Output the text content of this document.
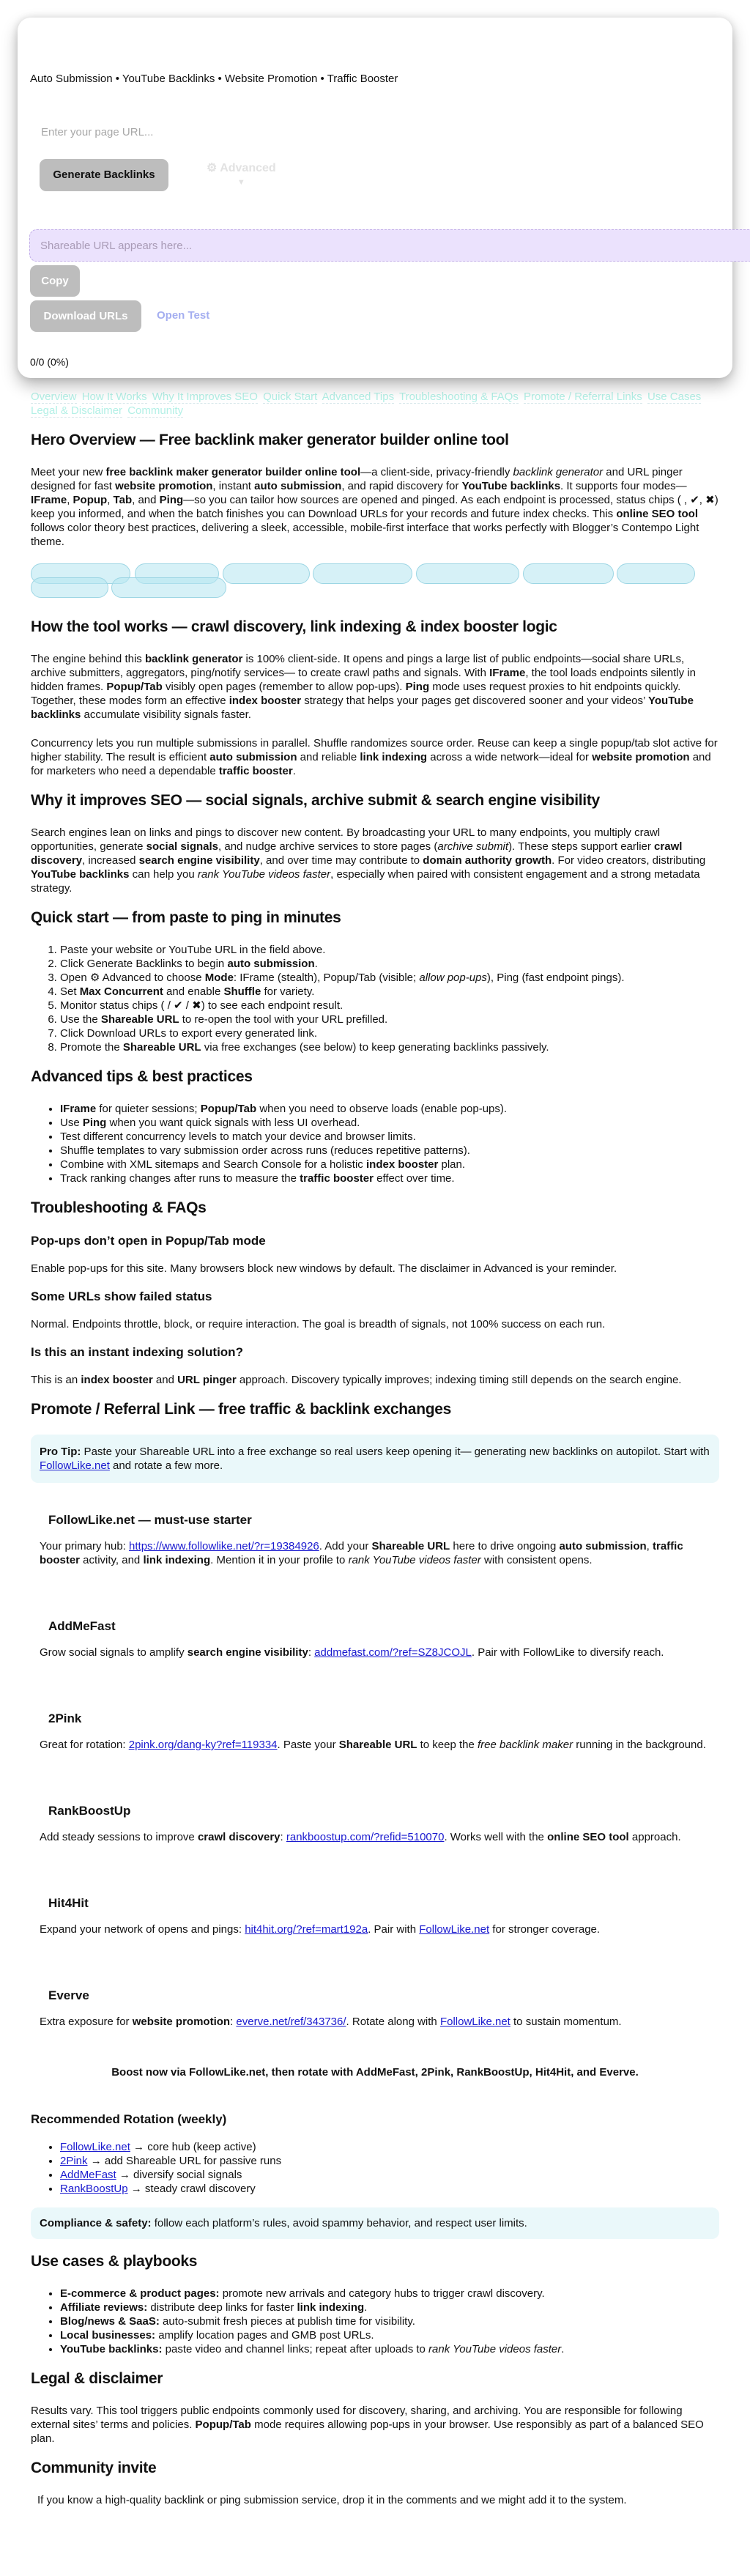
Auto Submission • YouTube Backlinks • Website Promotion • Traffic Booster
Enter your page URL...
Generate Backlinks
⚙ Advanced
▼
Shareable URL appears here...
Copy
Download URLs	Open Test
0/0 (0%)
Overview How It Works Why It Improves SEO Quick Start Advanced Tips Troubleshooting & FAQs Promote / Referral Links Use Cases Legal & Disclaimer Community
Hero Overview — Free backlink maker generator builder online tool

Meet your new free backlink maker generator builder online tool—a client-side, privacy-friendly backlink generator and URL pinger designed for fast website promotion, instant auto submission, and rapid discovery for YouTube backlinks. It supports four modes—IFrame, Popup, Tab, and Ping—so you can tailor how sources are opened and pinged. As each endpoint is processed, status chips ( , ✔, ✖) keep you informed, and when the batch finishes you can Download URLs for your records and future index checks. This online SEO tool follows color theory best practices, delivering a sleek, accessible, mobile-first interface that works perfectly with Blogger’s Contempo Light theme.

How the tool works — crawl discovery, link indexing & index booster logic

The engine behind this backlink generator is 100% client-side. It opens and pings a large list of public endpoints—social share URLs, archive submitters, aggregators, ping/notify services— to create crawl paths and signals. With IFrame, the tool loads endpoints silently in hidden frames. Popup/Tab visibly open pages (remember to allow pop-ups). Ping mode uses request proxies to hit endpoints quickly. Together, these modes form an effective index booster strategy that helps your pages get discovered sooner and your videos’ YouTube backlinks accumulate visibility signals faster.

Concurrency lets you run multiple submissions in parallel. Shuffle randomizes source order. Reuse can keep a single popup/tab slot active for higher stability. The result is efficient auto submission and reliable link indexing across a wide network—ideal for website promotion and for marketers who need a dependable traffic booster.

Why it improves SEO — social signals, archive submit & search engine visibility

Search engines lean on links and pings to discover new content. By broadcasting your URL to many endpoints, you multiply crawl opportunities, generate social signals, and nudge archive services to store pages (archive submit). These steps support earlier crawl discovery, increased search engine visibility, and over time may contribute to domain authority growth. For video creators, distributing YouTube backlinks can help you rank YouTube videos faster, especially when paired with consistent engagement and a strong metadata strategy.

Quick start — from paste to ping in minutes
1. Paste your website or YouTube URL in the field above.
2. Click Generate Backlinks to begin auto submission.
3. Open ⚙ Advanced to choose Mode: IFrame (stealth), Popup/Tab (visible; allow pop-ups), Ping (fast endpoint pings).
4. Set Max Concurrent and enable Shuffle for variety.
5. Monitor status chips ( / ✔ / ✖) to see each endpoint result.
6. Use the Shareable URL to re-open the tool with your URL prefilled.
7. Click Download URLs to export every generated link.
8. Promote the Shareable URL via free exchanges (see below) to keep generating backlinks passively.
Advanced tips & best practices
• IFrame for quieter sessions; Popup/Tab when you need to observe loads (enable pop-ups).
• Use Ping when you want quick signals with less UI overhead.
• Test different concurrency levels to match your device and browser limits.
• Shuffle templates to vary submission order across runs (reduces repetitive patterns).
• Combine with XML sitemaps and Search Console for a holistic index booster plan.
• Track ranking changes after runs to measure the traffic booster effect over time.
Troubleshooting & FAQs
Pop-ups don’t open in Popup/Tab mode

Enable pop-ups for this site. Many browsers block new windows by default. The disclaimer in Advanced is your reminder.

Some URLs show failed status

Normal. Endpoints throttle, block, or require interaction. The goal is breadth of signals, not 100% success on each run.

Is this an instant indexing solution?

This is an index booster and URL pinger approach. Discovery typically improves; indexing timing still depends on the search engine.

Promote / Referral Link — free traffic & backlink exchanges
Pro Tip: Paste your Shareable URL into a free exchange so real users keep opening it— generating new backlinks on autopilot. Start with FollowLike.net and rotate a few more.
FollowLike.net — must-use starter

Your primary hub: https://www.followlike.net/?r=19384926. Add your Shareable URL here to drive ongoing auto submission, traffic booster activity, and link indexing. Mention it in your profile to rank YouTube videos faster with consistent opens.

AddMeFast

Grow social signals to amplify search engine visibility: addmefast.com/?ref=SZ8JCOJL. Pair with FollowLike to diversify reach.

2Pink

Great for rotation: 2pink.org/dang-ky?ref=119334. Paste your Shareable URL to keep the free backlink maker running in the background.

RankBoostUp

Add steady sessions to improve crawl discovery: rankboostup.com/?refid=510070. Works well with the online SEO tool approach.

Hit4Hit

Expand your network of opens and pings: hit4hit.org/?ref=mart192a. Pair with FollowLike.net for stronger coverage.

Everve

Extra exposure for website promotion: everve.net/ref/343736/. Rotate along with FollowLike.net to sustain momentum.

Boost now via FollowLike.net, then rotate with AddMeFast, 2Pink, RankBoostUp, Hit4Hit, and Everve.
Recommended Rotation (weekly)
• FollowLike.net → core hub (keep active)
• 2Pink → add Shareable URL for passive runs
• AddMeFast → diversify social signals
• RankBoostUp → steady crawl discovery
Compliance & safety: follow each platform’s rules, avoid spammy behavior, and respect user limits.
Use cases & playbooks
• E-commerce & product pages: promote new arrivals and category hubs to trigger crawl discovery.
• Affiliate reviews: distribute deep links for faster link indexing.
• Blog/news & SaaS: auto-submit fresh pieces at publish time for visibility.
• Local businesses: amplify location pages and GMB post URLs.
• YouTube backlinks: paste video and channel links; repeat after uploads to rank YouTube videos faster.
Legal & disclaimer

Results vary. This tool triggers public endpoints commonly used for discovery, sharing, and archiving. You are responsible for following external sites’ terms and policies. Popup/Tab mode requires allowing pop-ups in your browser. Use responsibly as part of a balanced SEO plan.

Community invite

If you know a high-quality backlink or ping submission service, drop it in the comments and we might add it to the system.
